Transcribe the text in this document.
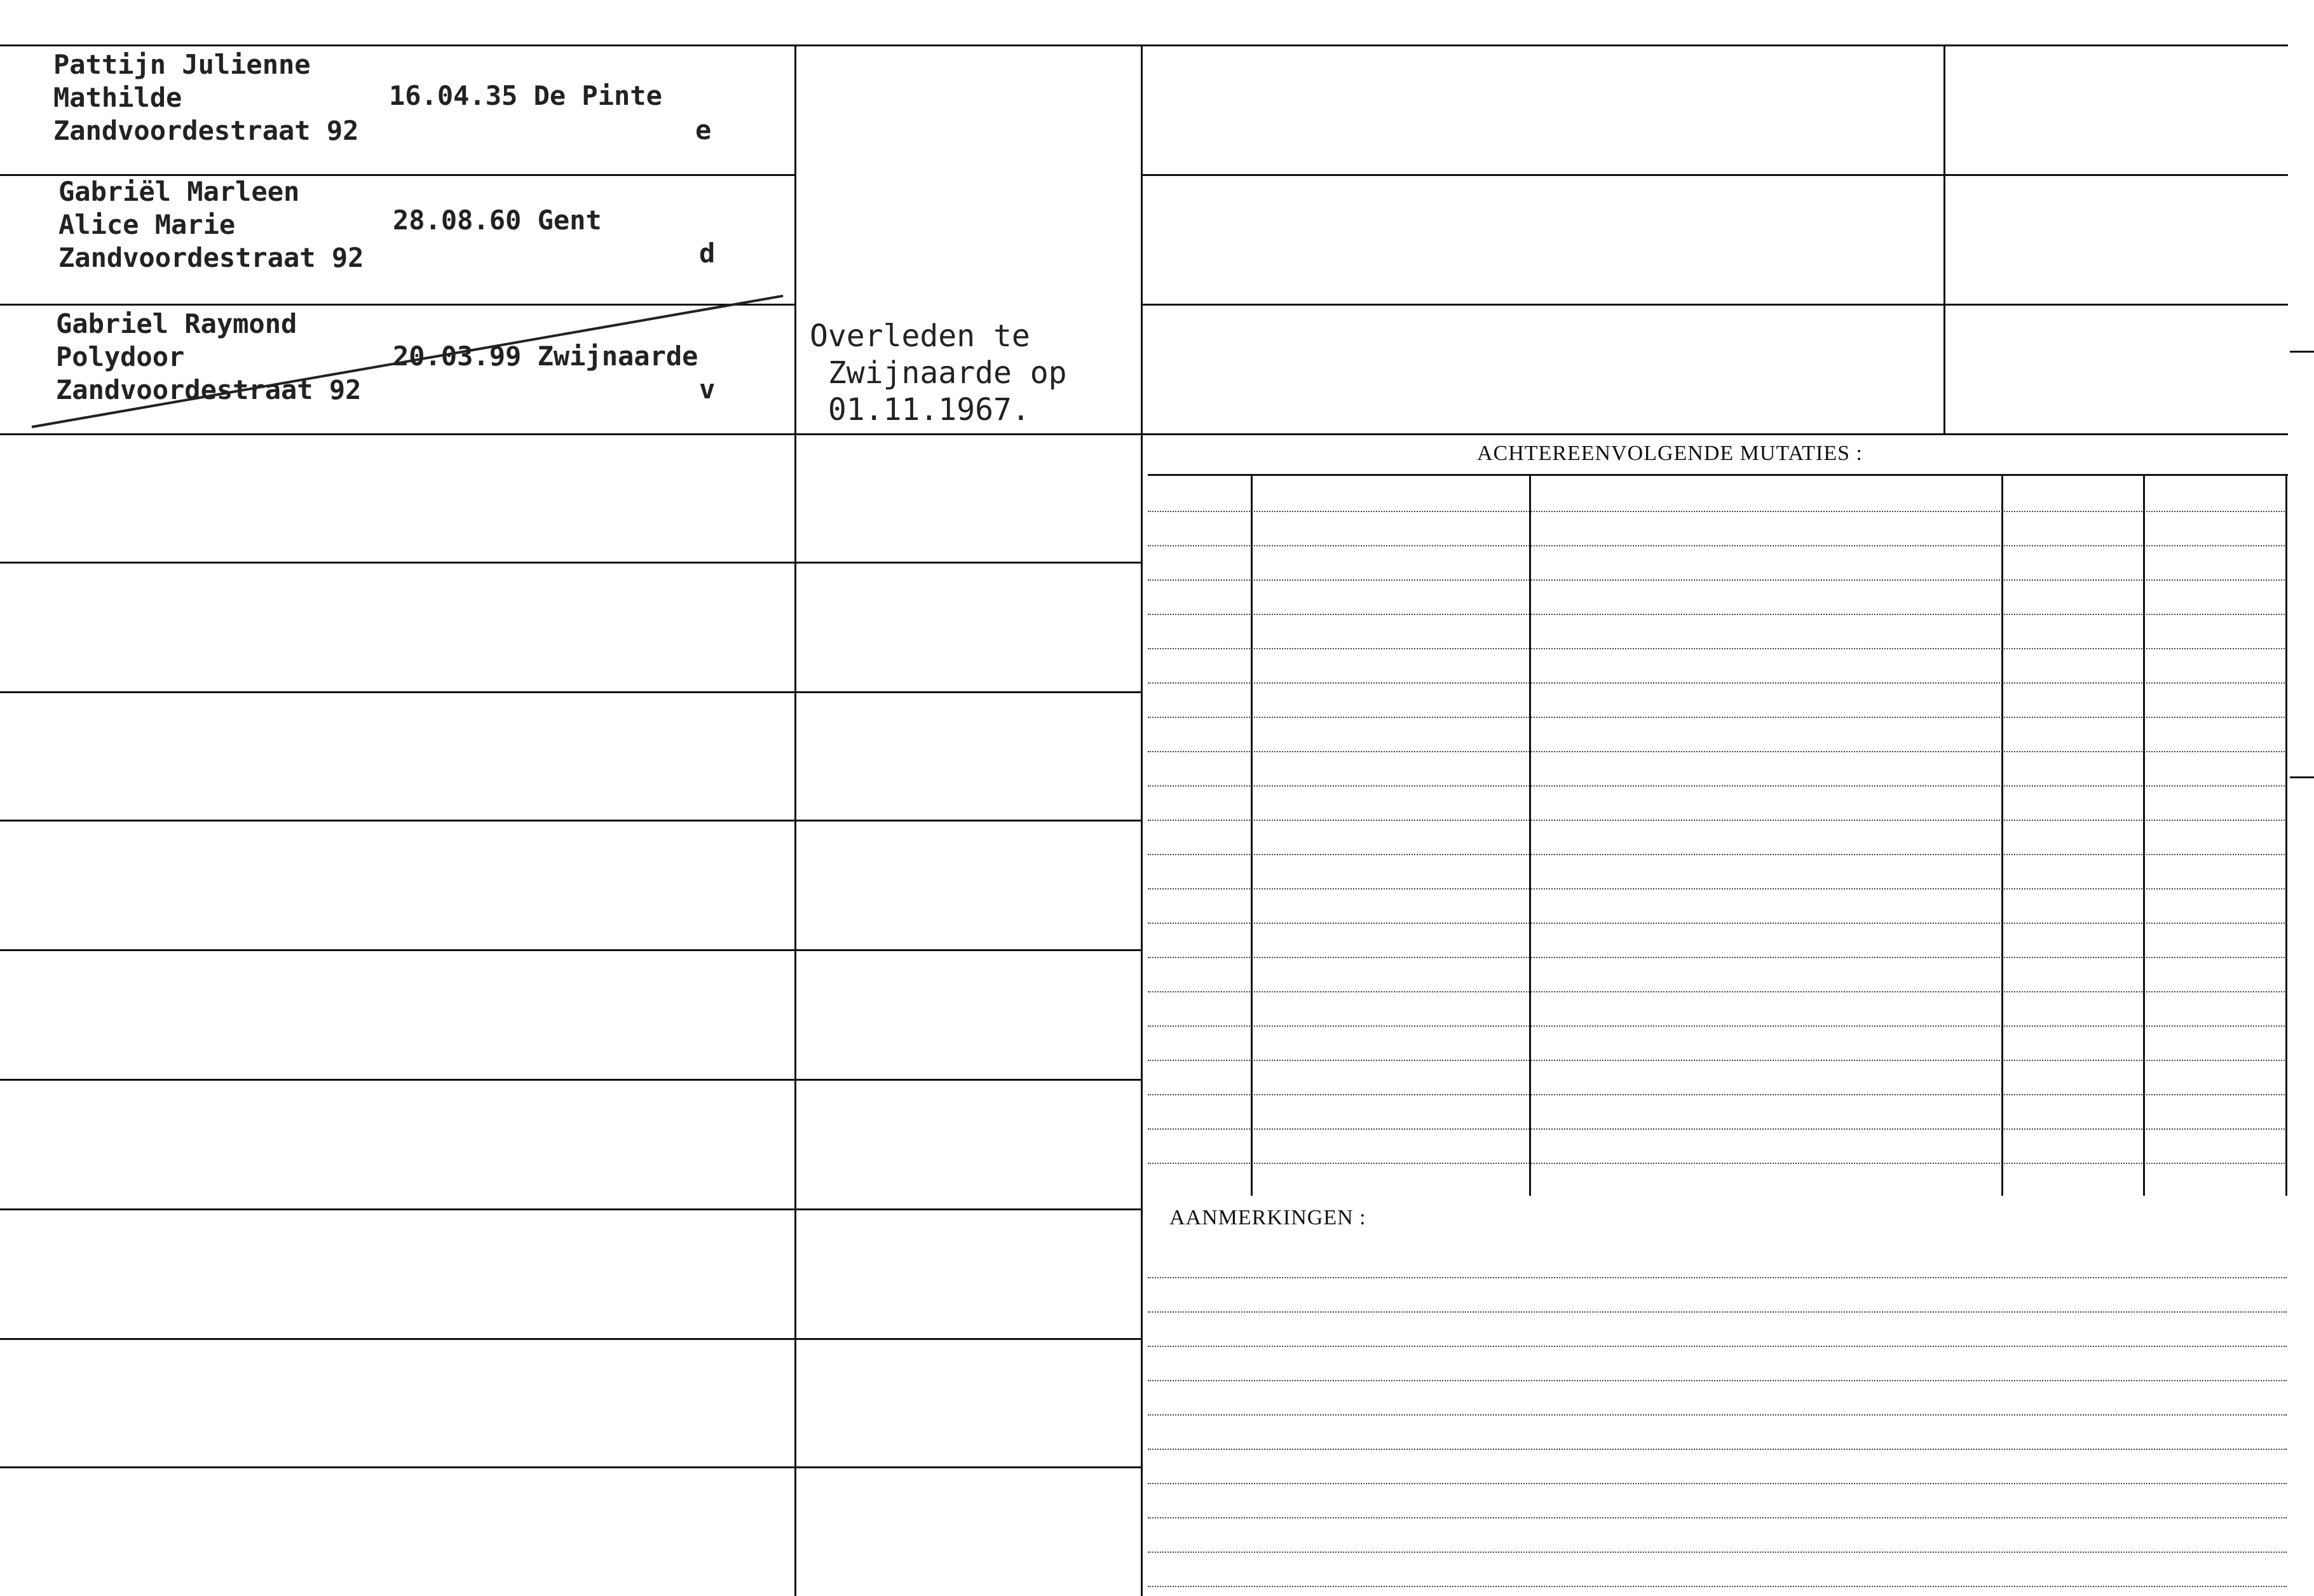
Pattijn Julienne
Mathilde
Zandvoordestraat 92
16.04.35 De Pinte
e
Gabriël Marleen
Alice Marie
Zandvoordestraat 92
28.08.60 Gent
d
Gabriel Raymond
Polydoor
Zandvoordestraat 92
20.03.99 Zwijnaarde
v
Overleden te
Zwijnaarde op
01.11.1967.
ACHTEREENVOLGENDE MUTATIES :
AANMERKINGEN :
